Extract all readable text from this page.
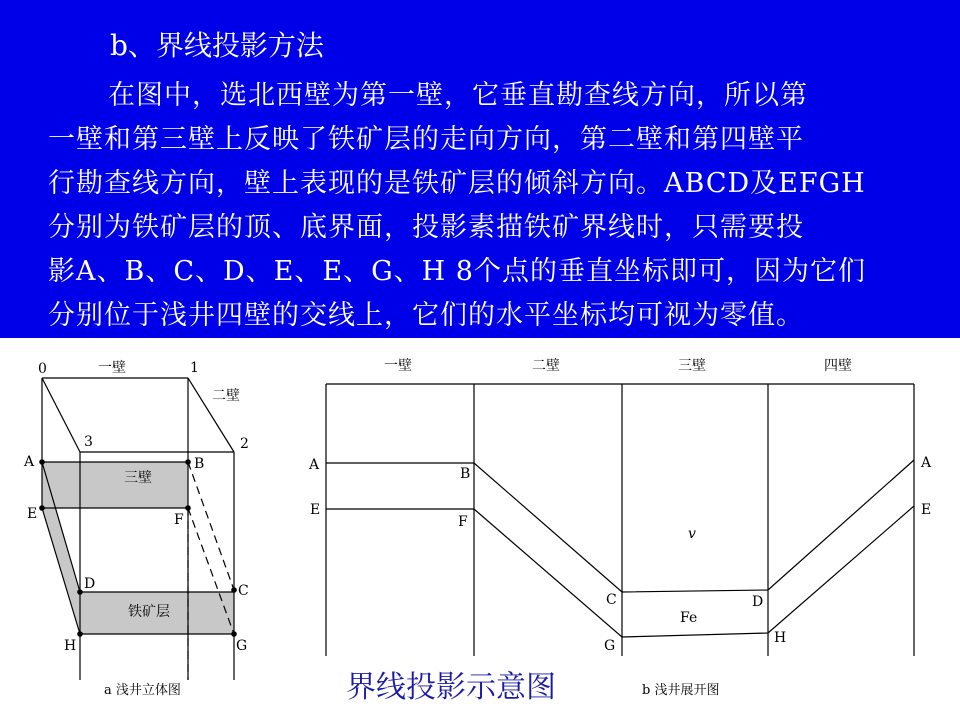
b、界线投影方法
在图中，选北西壁为第一壁，它垂直勘查线方向，所以第
一壁和第三壁上反映了铁矿层的走向方向，第二壁和第四壁平
行勘查线方向，壁上表现的是铁矿层的倾斜方向。ABCD及EFGH
分别为铁矿层的顶、底界面，投影素描铁矿界线时，只需要投
影A、B、C、D、E、E、G、H 8个点的垂直坐标即可，因为它们
分别位于浅井四壁的交线上，它们的水平坐标均可视为零值。
0	1
2
3
一壁
二壁
三壁
A	B
C
D
E	F
G
H
铁矿层
a 浅井立体图
一壁	二壁	三壁	四壁
A
E
A
E
B
F
C	D
G	H
v
Fe
b 浅井展开图
界线投影示意图
